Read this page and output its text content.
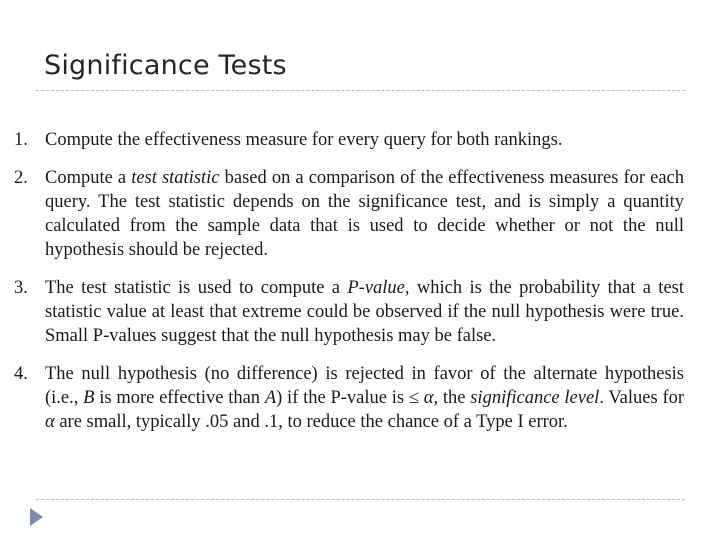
Significance Tests
1. Compute the effectiveness measure for every query for both rankings.
2. Compute a test statistic based on a comparison of the effectiveness measures for each query. The test statistic depends on the significance test, and is simply a quantity calculated from the sample data that is used to decide whether or not the null hypothesis should be rejected.
3. The test statistic is used to compute a P-value, which is the probability that a test statistic value at least that extreme could be observed if the null hypothesis were true. Small P-values suggest that the null hypothesis may be false.
4. The null hypothesis (no difference) is rejected in favor of the alternate hypothesis (i.e., B is more effective than A) if the P-value is ≤ α, the significance level. Values for α are small, typically .05 and .1, to reduce the chance of a Type I error.
